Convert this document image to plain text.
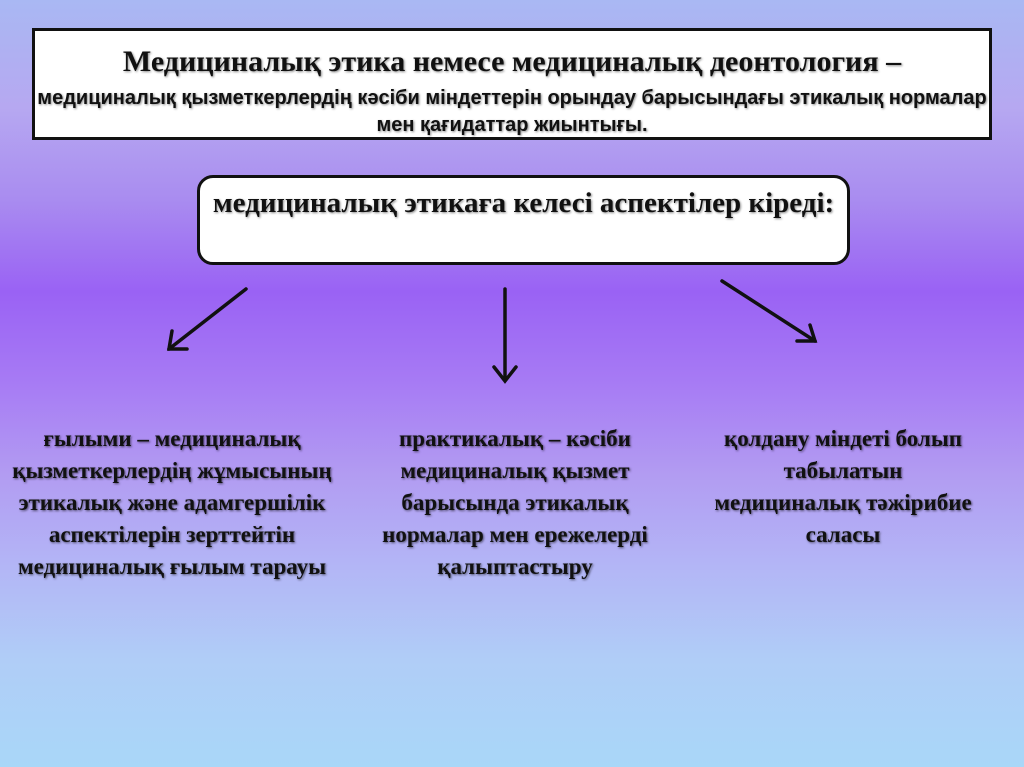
Медициналық этика немесе медициналық деонтология –
медициналық қызметкерлердің кәсіби міндеттерін орындау барысындағы этикалық нормалар мен қағидаттар жиынтығы.
медициналық этикаға келесі аспектілер кіреді:
ғылыми – медициналық қызметкерлердің жұмысының этикалық және адамгершілік аспектілерін зерттейтін медициналық ғылым тарауы
практикалық – кәсіби медициналық қызмет барысында этикалық нормалар мен ережелерді қалыптастыру
қолдану міндеті болып табылатын медициналық тәжірибие саласы
